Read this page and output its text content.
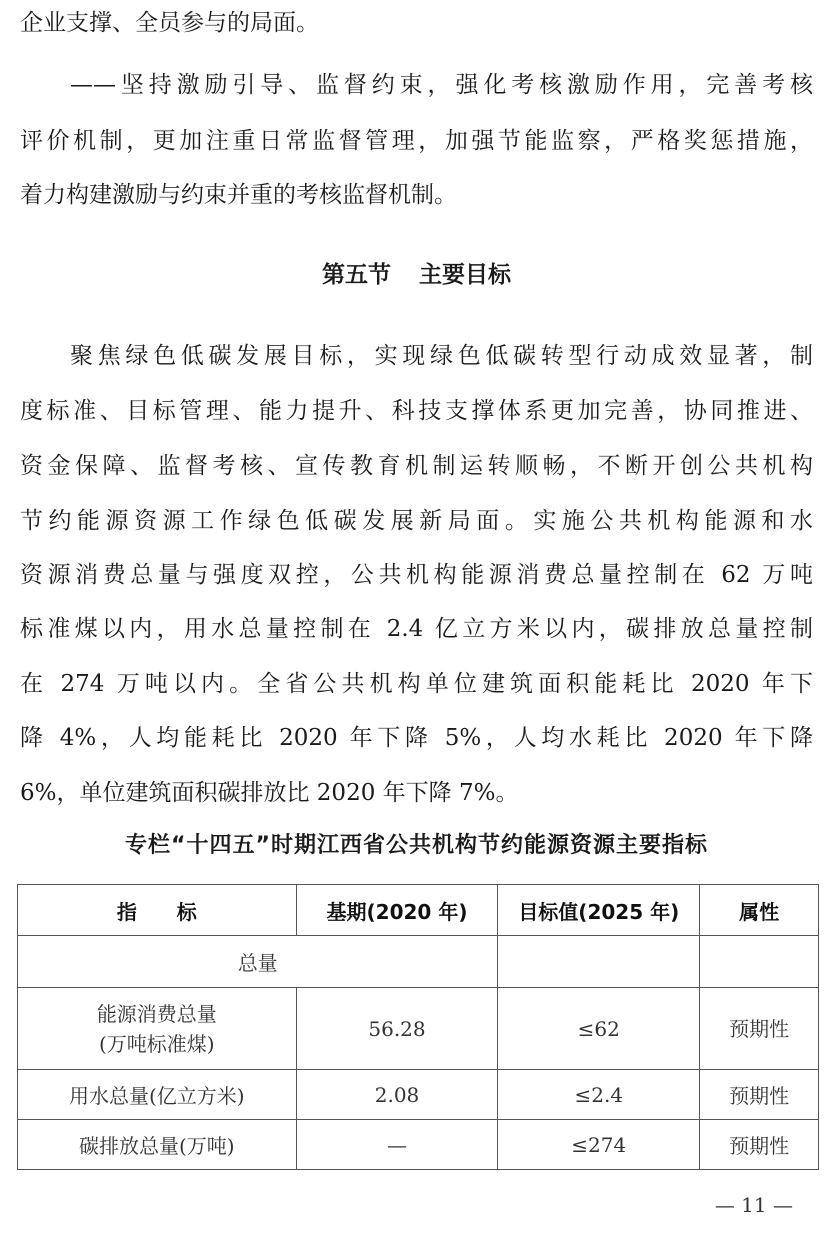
企业支撑、全员参与的局面。
——坚持激励引导、监督约束，强化考核激励作用，完善考核
评价机制，更加注重日常监督管理，加强节能监察，严格奖惩措施，
着力构建激励与约束并重的考核监督机制。
第五节 主要目标
聚焦绿色低碳发展目标，实现绿色低碳转型行动成效显著，制
度标准、目标管理、能力提升、科技支撑体系更加完善，协同推进、
资金保障、监督考核、宣传教育机制运转顺畅，不断开创公共机构
节约能源资源工作绿色低碳发展新局面。实施公共机构能源和水
资源消费总量与强度双控，公共机构能源消费总量控制在 62 万吨
标准煤以内，用水总量控制在 2.4 亿立方米以内，碳排放总量控制
在 274 万吨以内。全省公共机构单位建筑面积能耗比 2020 年下
降 4%，人均能耗比 2020 年下降 5%，人均水耗比 2020 年下降
6%，单位建筑面积碳排放比 2020 年下降 7%。
专栏“十四五”时期江西省公共机构节约能源资源主要指标
指　　标	基期(2020 年)	目标值(2025 年)	属性
总量			

能源消费总量
(万吨标准煤)	56.28	≤62	预期性
用水总量(亿立方米)	2.08	≤2.4	预期性
碳排放总量(万吨)	—	≤274	预期性
— 11 —
